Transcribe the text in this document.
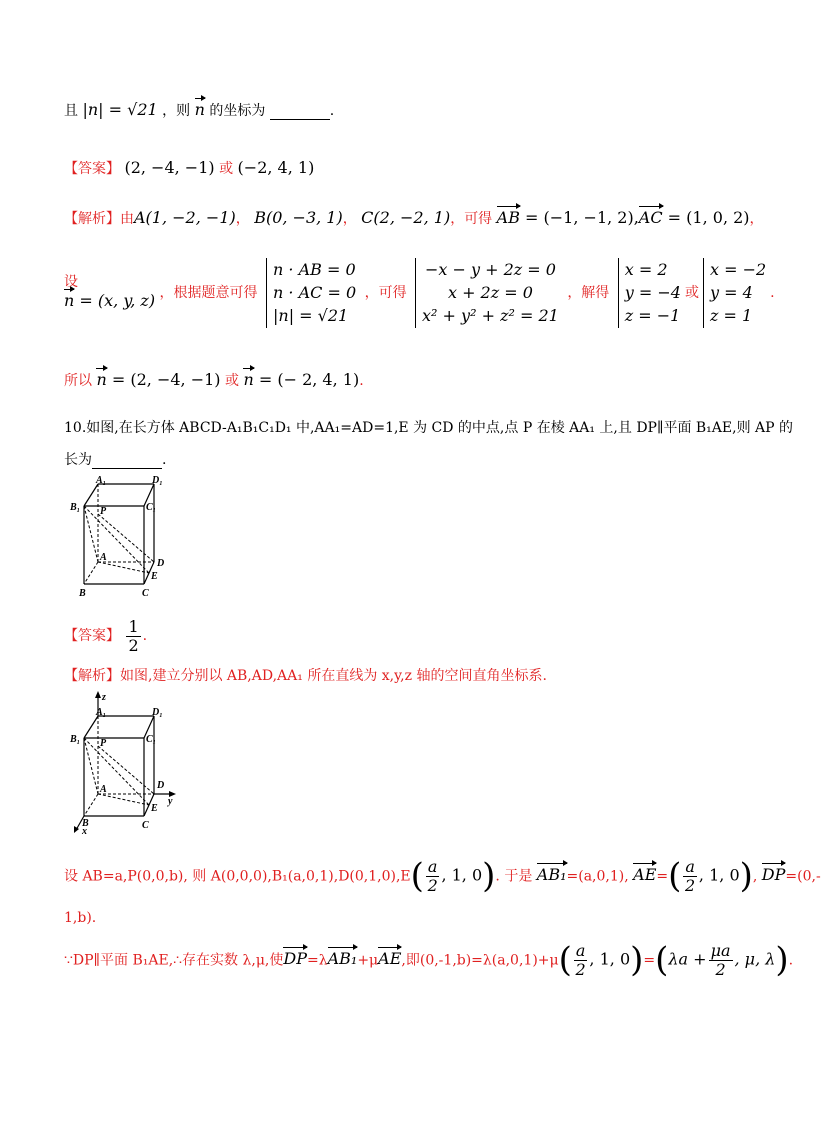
且 |n| = √21 ，则 n 的坐标为	.
【答案】 (2, −4, −1) 或 (−2, 4, 1)
【解析】由A(1, −2, −1)， B(0, −3, 1)， C(2, −2, 1)，可得 AB = (−1, −1, 2),AC = (1, 0, 2)，
设
n = (x, y, z) ，根据题意可得
n · AB = 0
n · AC = 0
|n| = √21
，可得
−x − y + 2z = 0
x + 2z = 0
x² + y² + z² = 21
，解得
x = 2
y = −4
z = −1
或
x = −2
y = 4
z = 1
.
所以 n = (2, −4, −1) 或 n = (− 2, 4, 1).
10.如图,在长方体 ABCD-A₁B₁C₁D₁ 中,AA₁=AD=1,E 为 CD 的中点,点 P 在棱 AA₁ 上,且 DP∥平面 B₁AE,则 AP 的
长为	.
A₁	D₁
B₁ P	C₁
A
D
E
B	C
【答案】 $\frac{1}{2}$ .
【解析】如图,建立分别以 AB,AD,AA₁ 所在直线为 x,y,z 轴的空间直角坐标系.
z
A₁	D₁
B₁ P	C₁
A	D
y
E
B	C
x
设 AB=a,P(0,0,b), 则 $A(0,0,0),B_1(a,0,1),D(0,1,0),E( \frac{a}{2}$ , 1, 0). 于是 AB₁=(a,0,1), $AE=( \frac{a}{2}$ , 1, 0), DP=(0,-
1,b).
∵DP∥平面 B₁AE,∴存在实数 λ,μ,使DP=λAB₁+μAE,即$(0,-1,b)=\lambda(a,0,1)+\mu( \frac{a}{2}$ , 1, $0)=(\lambda a + \frac{\mu a}{2}$ , μ, λ).
